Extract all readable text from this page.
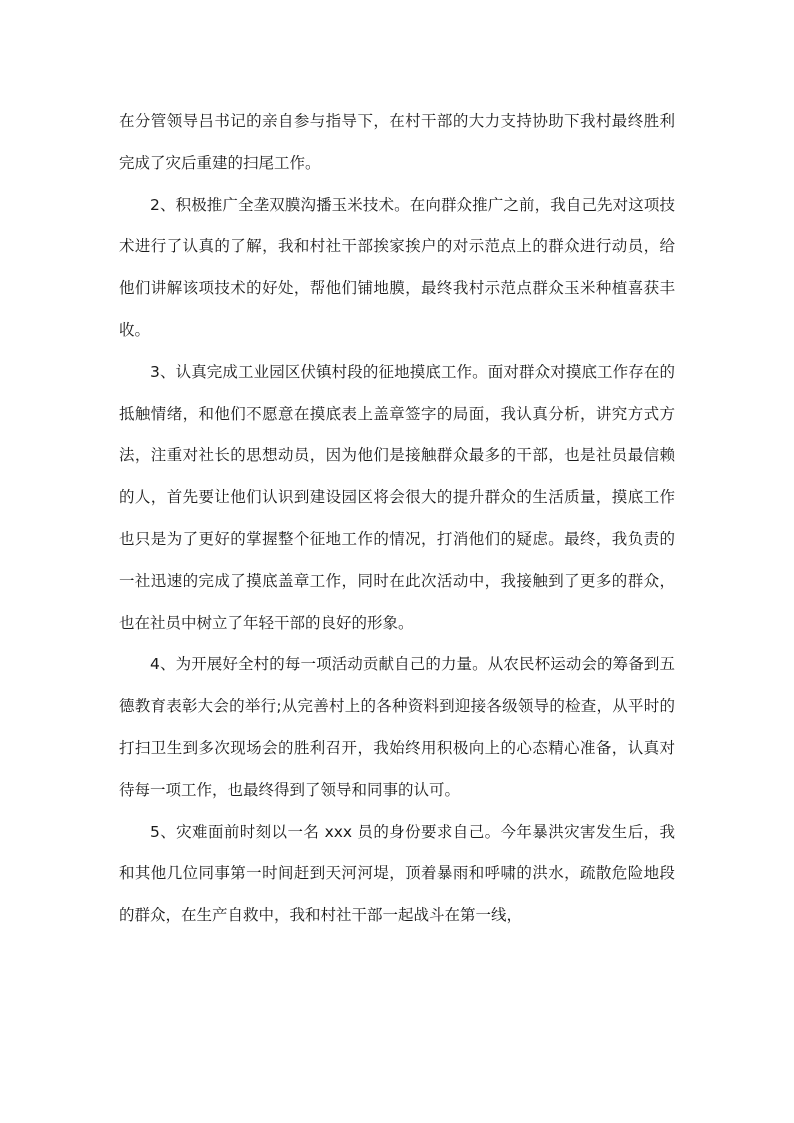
在分管领导吕书记的亲自参与指导下，在村干部的大力支持协助下我村最终胜利完成了灾后重建的扫尾工作。

2、积极推广全垄双膜沟播玉米技术。在向群众推广之前，我自己先对这项技术进行了认真的了解，我和村社干部挨家挨户的对示范点上的群众进行动员，给他们讲解该项技术的好处，帮他们铺地膜，最终我村示范点群众玉米种植喜获丰收。

3、认真完成工业园区伏镇村段的征地摸底工作。面对群众对摸底工作存在的抵触情绪，和他们不愿意在摸底表上盖章签字的局面，我认真分析，讲究方式方法，注重对社长的思想动员，因为他们是接触群众最多的干部，也是社员最信赖的人，首先要让他们认识到建设园区将会很大的提升群众的生活质量，摸底工作也只是为了更好的掌握整个征地工作的情况，打消他们的疑虑。最终，我负责的一社迅速的完成了摸底盖章工作，同时在此次活动中，我接触到了更多的群众，也在社员中树立了年轻干部的良好的形象。

4、为开展好全村的每一项活动贡献自己的力量。从农民杯运动会的筹备到五德教育表彰大会的举行;从完善村上的各种资料到迎接各级领导的检查，从平时的打扫卫生到多次现场会的胜利召开，我始终用积极向上的心态精心准备，认真对待每一项工作，也最终得到了领导和同事的认可。

5、灾难面前时刻以一名 xxx 员的身份要求自己。今年暴洪灾害发生后，我和其他几位同事第一时间赶到天河河堤，顶着暴雨和呼啸的洪水，疏散危险地段的群众，在生产自救中，我和村社干部一起战斗在第一线，
